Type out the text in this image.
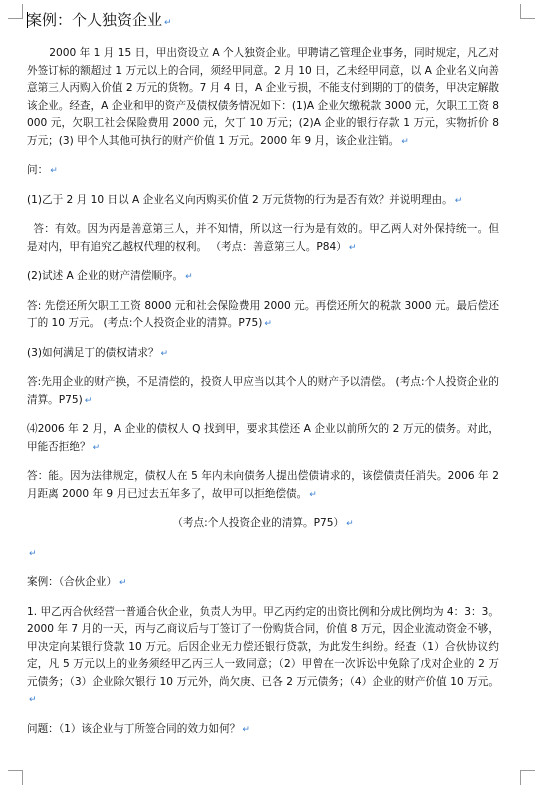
案例：个人独资企业 ↵

2000 年 1 月 15 日，甲出资设立 A 个人独资企业。甲聘请乙管理企业事务，同时规定，凡乙对外签订标的额超过 1 万元以上的合同，须经甲同意。2 月 10 日，乙未经甲同意，以 A 企业名义向善意第三人丙购入价值 2 万元的货物。7 月 4 日，A 企业亏损，不能支付到期的丁的债务，甲决定解散该企业。经查，A 企业和甲的资产及债权债务情况如下：(1)A 企业欠缴税款 3000 元，欠职工工资 8 000 元，欠职工社会保险费用 2000 元，欠丁 10 万元；(2)A 企业的银行存款 1 万元，实物折价 8 万元；(3) 甲个人其他可执行的财产价值 1 万元。2000 年 9 月，该企业注销。 ↵

问： ↵

(1)乙于 2 月 10 日以 A 企业名义向丙购买价值 2 万元货物的行为是否有效？并说明理由。 ↵

答：有效。因为丙是善意第三人，并不知情，所以这一行为是有效的。甲乙两人对外保持统一。但是对内，甲有追究乙越权代理的权利。 （考点：善意第三人。P84） ↵

(2)试述 A 企业的财产清偿顺序。 ↵

答: 先偿还所欠职工工资 8000 元和社会保险费用 2000 元。再偿还所欠的税款 3000 元。最后偿还丁的 10 万元。 (考点:个人投资企业的清算。P75) ↵

(3)如何满足丁的债权请求？ ↵

答:先用企业的财产换，不足清偿的，投资人甲应当以其个人的财产予以清偿。 (考点:个人投资企业的清算。P75) ↵

⑷2006 年 2 月，A 企业的债权人 Q 找到甲，要求其偿还 A 企业以前所欠的 2 万元的债务。对此，甲能否拒绝？ ↵

答：能。因为法律规定，债权人在 5 年内未向债务人提出偿债请求的，该偿债责任消失。2006 年 2 月距离 2000 年 9 月已过去五年多了，故甲可以拒绝偿债。 ↵

（考点:个人投资企业的清算。P75） ↵

↵

案例：（合伙企业） ↵

1. 甲乙丙合伙经营一普通合伙企业，负责人为甲。甲乙丙约定的出资比例和分成比例均为 4：3：3。2000 年 7 月的一天，丙与乙商议后与丁签订了一份购货合同，价值 8 万元，因企业流动资金不够，甲决定向某银行贷款 10 万元。后因企业无力偿还银行贷款，为此发生纠纷。经查（1）合伙协议约定，凡 5 万元以上的业务须经甲乙丙三人一致同意；（2）甲曾在一次诉讼中免除了戊对企业的 2 万元债务；（3）企业除欠银行 10 万元外，尚欠庚、已各 2 万元债务；（4）企业的财产价值 10 万元。↵

问题：（1）该企业与丁所签合同的效力如何？ ↵
